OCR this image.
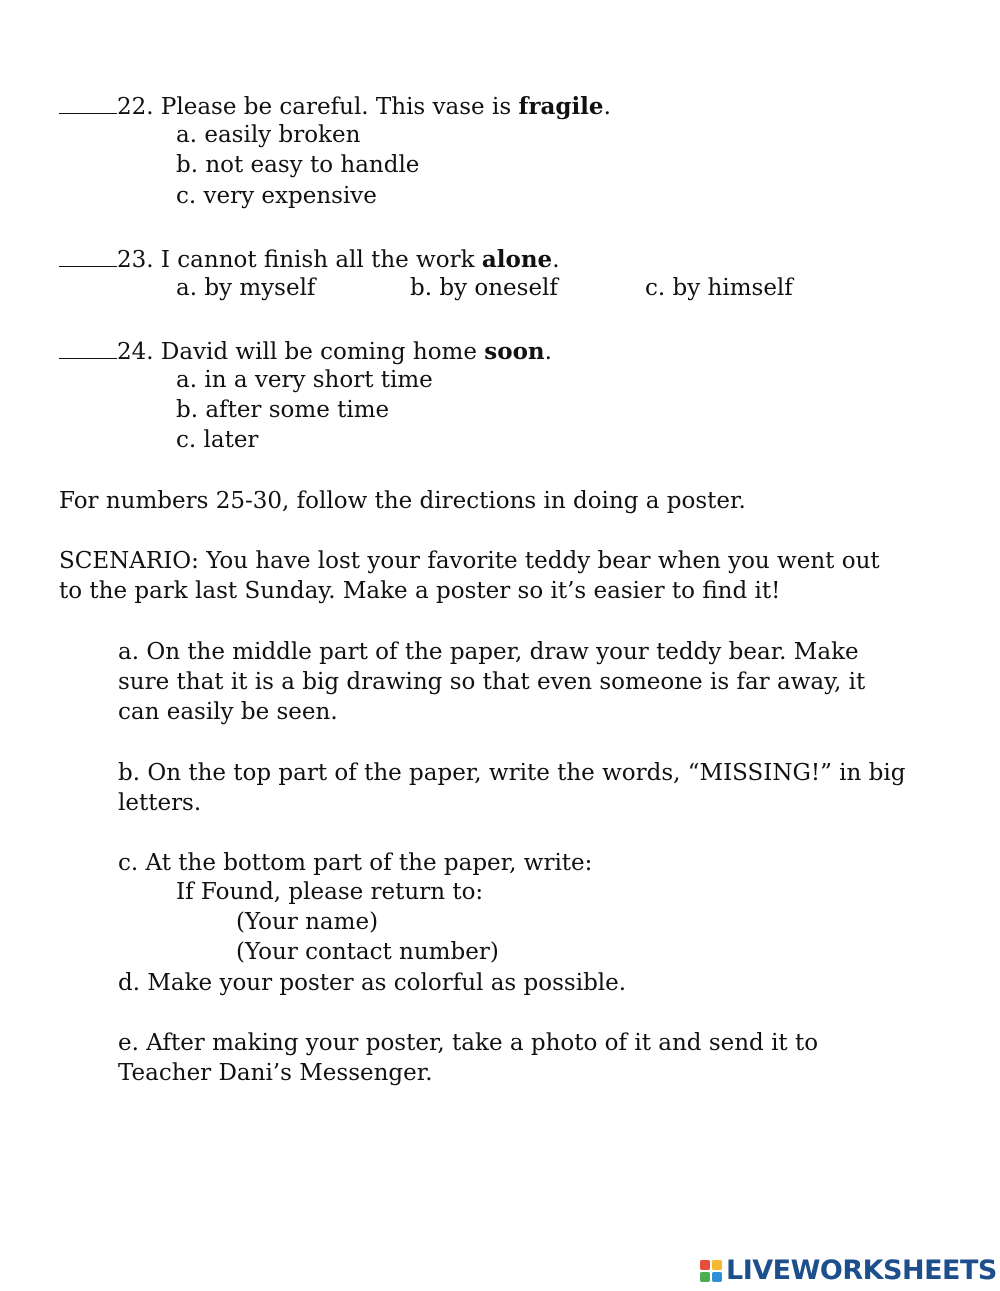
22. Please be careful. This vase is fragile.
a. easily broken
b. not easy to handle
c. very expensive
23. I cannot finish all the work alone.
a. by myself	b. by oneself	c. by himself
24. David will be coming home soon.
a. in a very short time
b. after some time
c. later
For numbers 25-30, follow the directions in doing a poster.
SCENARIO: You have lost your favorite teddy bear when you went out
to the park last Sunday. Make a poster so it’s easier to find it!
a. On the middle part of the paper, draw your teddy bear. Make
sure that it is a big drawing so that even someone is far away, it
can easily be seen.
b. On the top part of the paper, write the words, “MISSING!” in big
letters.
c. At the bottom part of the paper, write:
If Found, please return to:
(Your name)
(Your contact number)
d. Make your poster as colorful as possible.
e. After making your poster, take a photo of it and send it to
Teacher Dani’s Messenger.
LIVEWORKSHEETS
